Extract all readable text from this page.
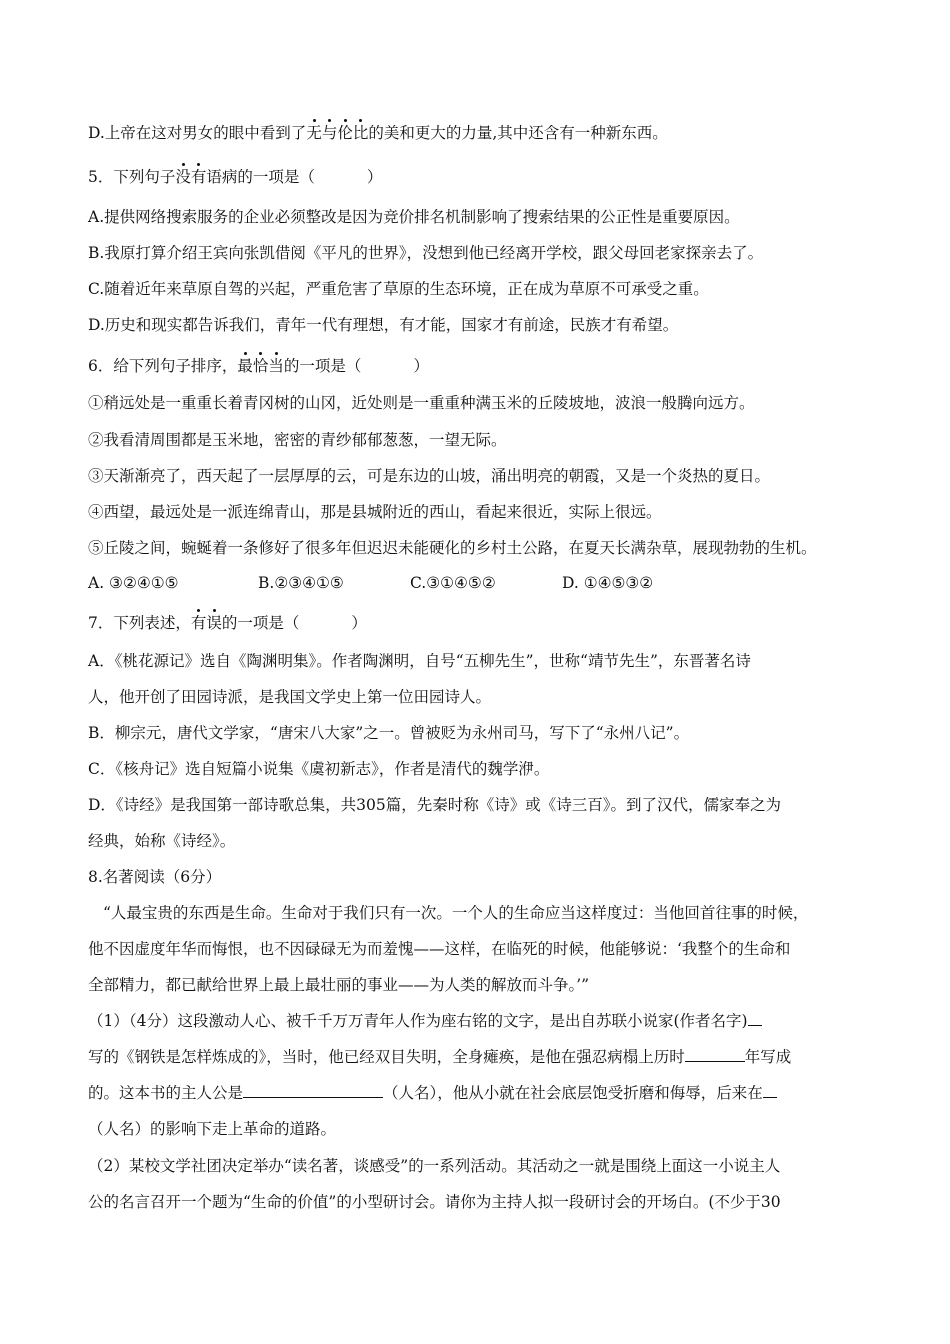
D.上帝在这对男女的眼中看到了无与伦比的美和更大的力量,其中还含有一种新东西。
5．下列句子没有语病的一项是（	）
A.提供网络搜索服务的企业必须整改是因为竞价排名机制影响了搜索结果的公正性是重要原因。
B.我原打算介绍王宾向张凯借阅《平凡的世界》，没想到他已经离开学校，跟父母回老家探亲去了。
C.随着近年来草原自驾的兴起，严重危害了草原的生态环境，正在成为草原不可承受之重。
D.历史和现实都告诉我们，青年一代有理想，有才能，国家才有前途，民族才有希望。
6．给下列句子排序，最恰当的一项是（	）
①稍远处是一重重长着青冈树的山冈，近处则是一重重种满玉米的丘陵坡地，波浪一般腾向远方。
②我看清周围都是玉米地，密密的青纱郁郁葱葱，一望无际。
③天渐渐亮了，西天起了一层厚厚的云，可是东边的山坡，涌出明亮的朝霞，又是一个炎热的夏日。
④西望，最远处是一派连绵青山，那是县城附近的西山，看起来很近，实际上很远。
⑤丘陵之间，蜿蜒着一条修好了很多年但迟迟未能硬化的乡村土公路，在夏天长满杂草，展现勃勃的生机。
A. ③②④①⑤	B.②③④①⑤	C.③①④⑤②	D. ①④⑤③②
7．下列表述，有误的一项是（	）
A．《桃花源记》选自《陶渊明集》。作者陶渊明，自号“五柳先生”，世称“靖节先生”，东晋著名诗
人，他开创了田园诗派，是我国文学史上第一位田园诗人。
B．柳宗元，唐代文学家，“唐宋八大家”之一。曾被贬为永州司马，写下了“永州八记”。
C．《核舟记》选自短篇小说集《虞初新志》，作者是清代的魏学洢。
D．《诗经》是我国第一部诗歌总集，共305篇，先秦时称《诗》或《诗三百》。到了汉代，儒家奉之为
经典，始称《诗经》。
8.名著阅读（6分）
“人最宝贵的东西是生命。生命对于我们只有一次。一个人的生命应当这样度过：当他回首往事的时候，
他不因虚度年华而悔恨，也不因碌碌无为而羞愧——这样，在临死的时候，他能够说：‘我整个的生命和
全部精力，都已献给世界上最上最壮丽的事业——为人类的解放而斗争。’”
（1）（4分）这段激动人心、被千千万万青年人作为座右铭的文字，是出自苏联小说家(作者名字)
写的《钢铁是怎样炼成的》，当时，他已经双目失明，全身瘫痪，是他在强忍病榻上历时	年写成
的。这本书的主人公是	（人名），他从小就在社会底层饱受折磨和侮辱，后来在
（人名）的影响下走上革命的道路。
（2）某校文学社团决定举办“读名著，谈感受”的一系列活动。其活动之一就是围绕上面这一小说主人
公的名言召开一个题为“生命的价值”的小型研讨会。请你为主持人拟一段研讨会的开场白。(不少于30
